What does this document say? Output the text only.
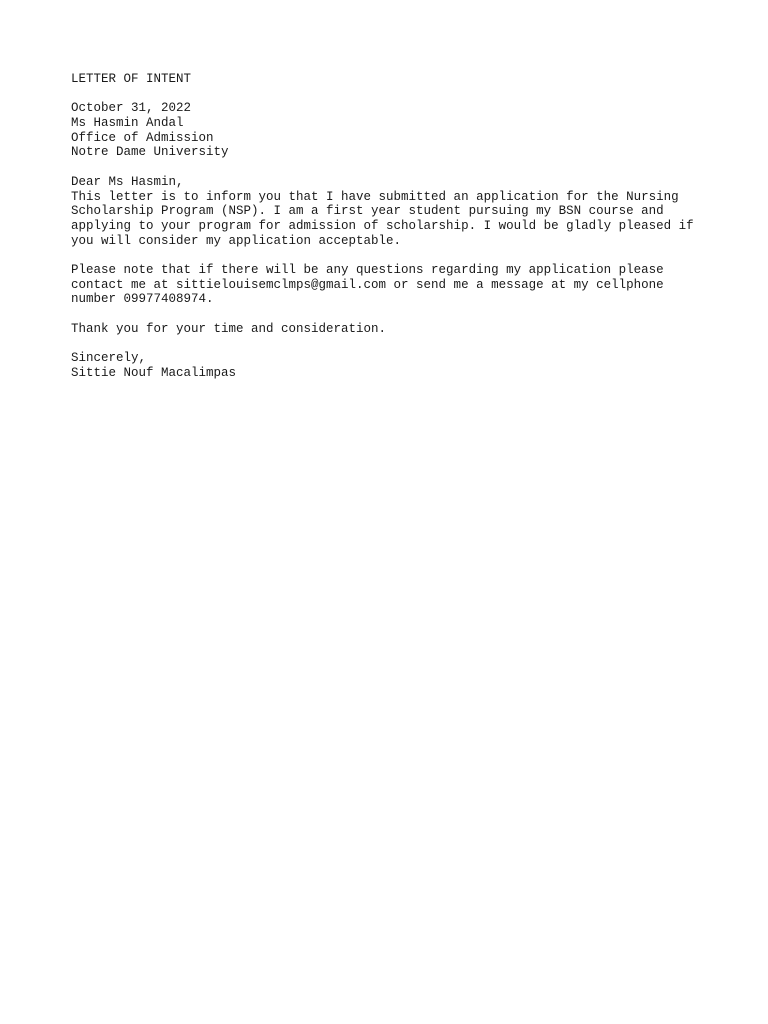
LETTER OF INTENT
October 31, 2022
Ms Hasmin Andal
Office of Admission
Notre Dame University
Dear Ms Hasmin,
This letter is to inform you that I have submitted an application for the Nursing
Scholarship Program (NSP). I am a first year student pursuing my BSN course and
applying to your program for admission of scholarship. I would be gladly pleased if
you will consider my application acceptable.
Please note that if there will be any questions regarding my application please
contact me at sittielouisemclmps@gmail.com or send me a message at my cellphone
number 09977408974.
Thank you for your time and consideration.
Sincerely,
Sittie Nouf Macalimpas
